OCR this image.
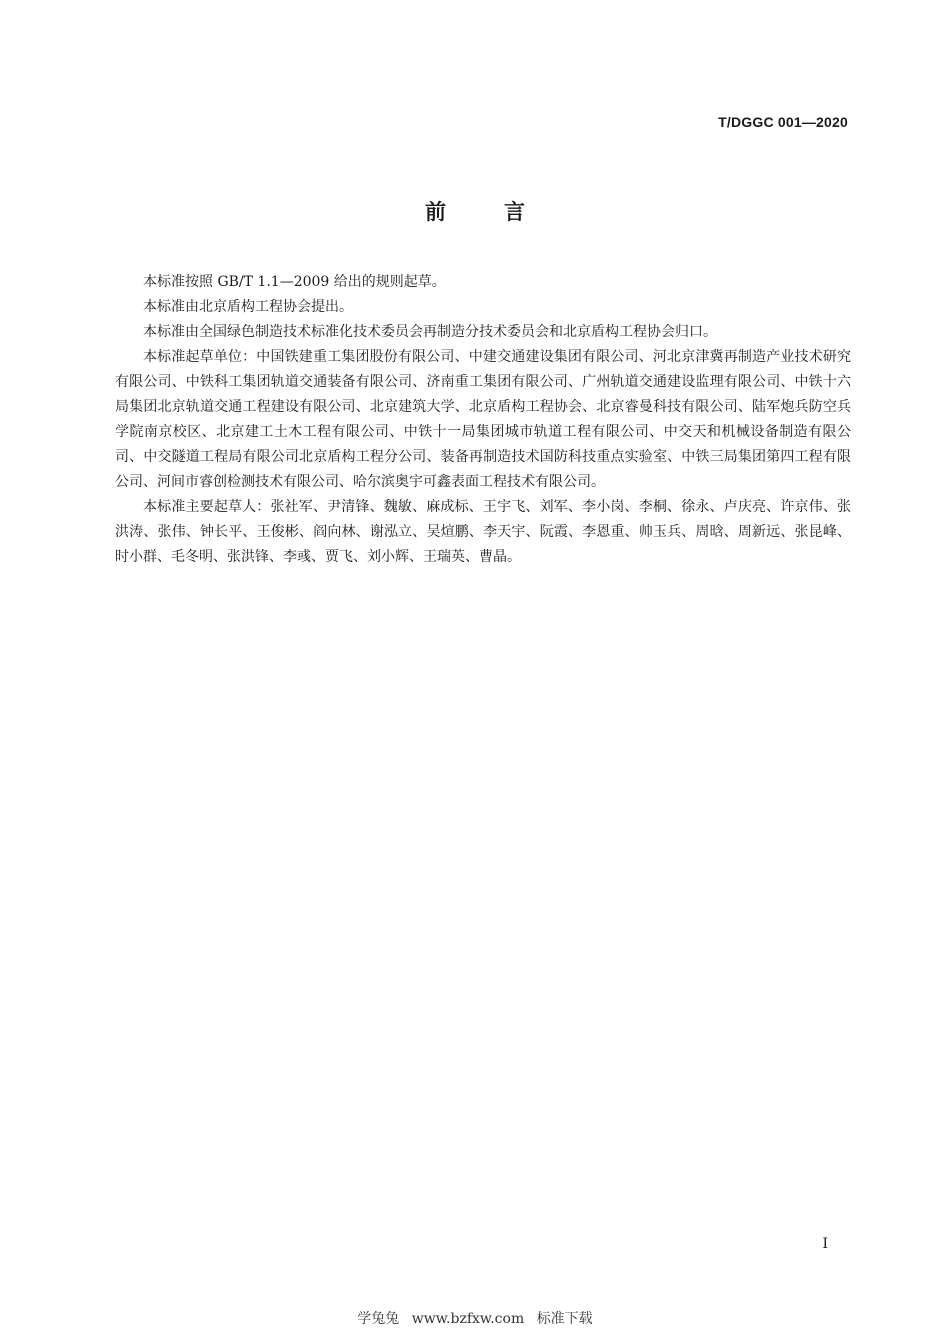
T/DGGC 001—2020
前	言

本标准按照 GB/T 1.1—2009 给出的规则起草。

本标准由北京盾构工程协会提出。

本标准由全国绿色制造技术标准化技术委员会再制造分技术委员会和北京盾构工程协会归口。

本标准起草单位：中国铁建重工集团股份有限公司、中建交通建设集团有限公司、河北京津冀再制造产业技术研究有限公司、中铁科工集团轨道交通装备有限公司、济南重工集团有限公司、广州轨道交通建设监理有限公司、中铁十六局集团北京轨道交通工程建设有限公司、北京建筑大学、北京盾构工程协会、北京睿曼科技有限公司、陆军炮兵防空兵学院南京校区、北京建工土木工程有限公司、中铁十一局集团城市轨道工程有限公司、中交天和机械设备制造有限公司、中交隧道工程局有限公司北京盾构工程分公司、装备再制造技术国防科技重点实验室、中铁三局集团第四工程有限公司、河间市睿创检测技术有限公司、哈尔滨奥宇可鑫表面工程技术有限公司。

本标准主要起草人：张社军、尹清锋、魏敏、麻成标、王宇飞、刘军、李小岗、李桐、徐永、卢庆亮、许京伟、张洪涛、张伟、钟长平、王俊彬、阎向林、谢泓立、吴煊鹏、李天宇、阮霞、李恩重、帅玉兵、周晗、周新远、张昆峰、时小群、毛冬明、张洪锋、李彧、贾飞、刘小辉、王瑞英、曹晶。

I
学兔兔 www.bzfxw.com 标准下载
